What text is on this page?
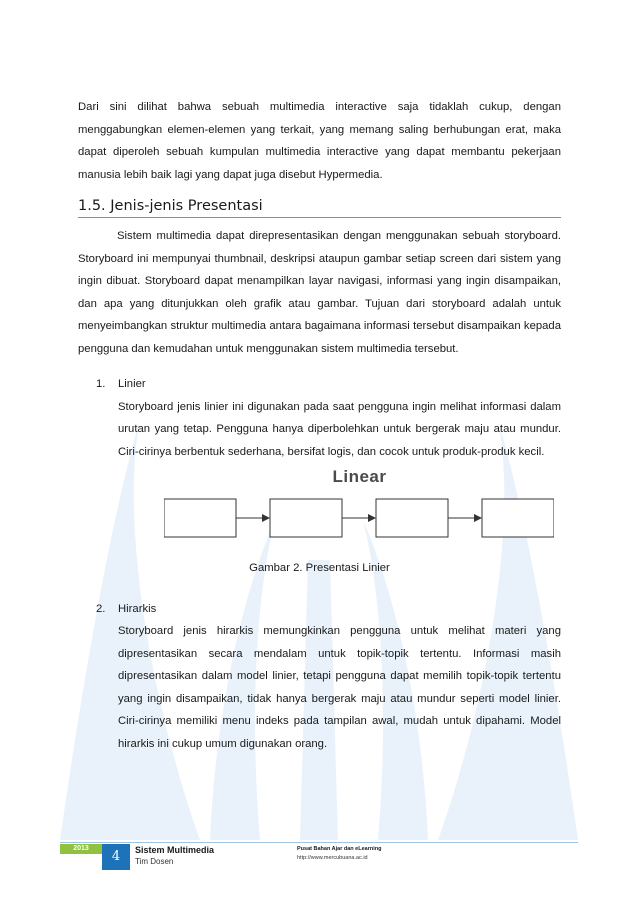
Dari sini dilihat bahwa sebuah multimedia interactive saja tidaklah cukup, dengan menggabungkan elemen-elemen yang terkait, yang memang saling berhubungan erat, maka dapat diperoleh sebuah kumpulan multimedia interactive yang dapat membantu pekerjaan manusia lebih baik lagi yang dapat juga disebut Hypermedia.

1.5. Jenis-jenis Presentasi

Sistem multimedia dapat direpresentasikan dengan menggunakan sebuah storyboard. Storyboard ini mempunyai thumbnail, deskripsi ataupun gambar setiap screen dari sistem yang ingin dibuat. Storyboard dapat menampilkan layar navigasi, informasi yang ingin disampaikan, dan apa yang ditunjukkan oleh grafik atau gambar. Tujuan dari storyboard adalah untuk menyeimbangkan struktur multimedia antara bagaimana informasi tersebut disampaikan kepada pengguna dan kemudahan untuk menggunakan sistem multimedia tersebut.

1. Linier

Storyboard jenis linier ini digunakan pada saat pengguna ingin melihat informasi dalam urutan yang tetap. Pengguna hanya diperbolehkan untuk bergerak maju atau mundur. Ciri-cirinya berbentuk sederhana, bersifat logis, dan cocok untuk produk-produk kecil.

Linear

Gambar 2. Presentasi Linier

2. Hirarkis

Storyboard jenis hirarkis memungkinkan pengguna untuk melihat materi yang dipresentasikan secara mendalam untuk topik-topik tertentu. Informasi masih dipresentasikan dalam model linier, tetapi pengguna dapat memilih topik-topik tertentu yang ingin disampaikan, tidak hanya bergerak maju atau mundur seperti model linier. Ciri-cirinya memiliki menu indeks pada tampilan awal, mudah untuk dipahami. Model hirarkis ini cukup umum digunakan orang.

2013
4	Sistem Multimedia
Tim Dosen
Pusat Bahan Ajar dan eLearning
http://www.mercubuana.ac.id
